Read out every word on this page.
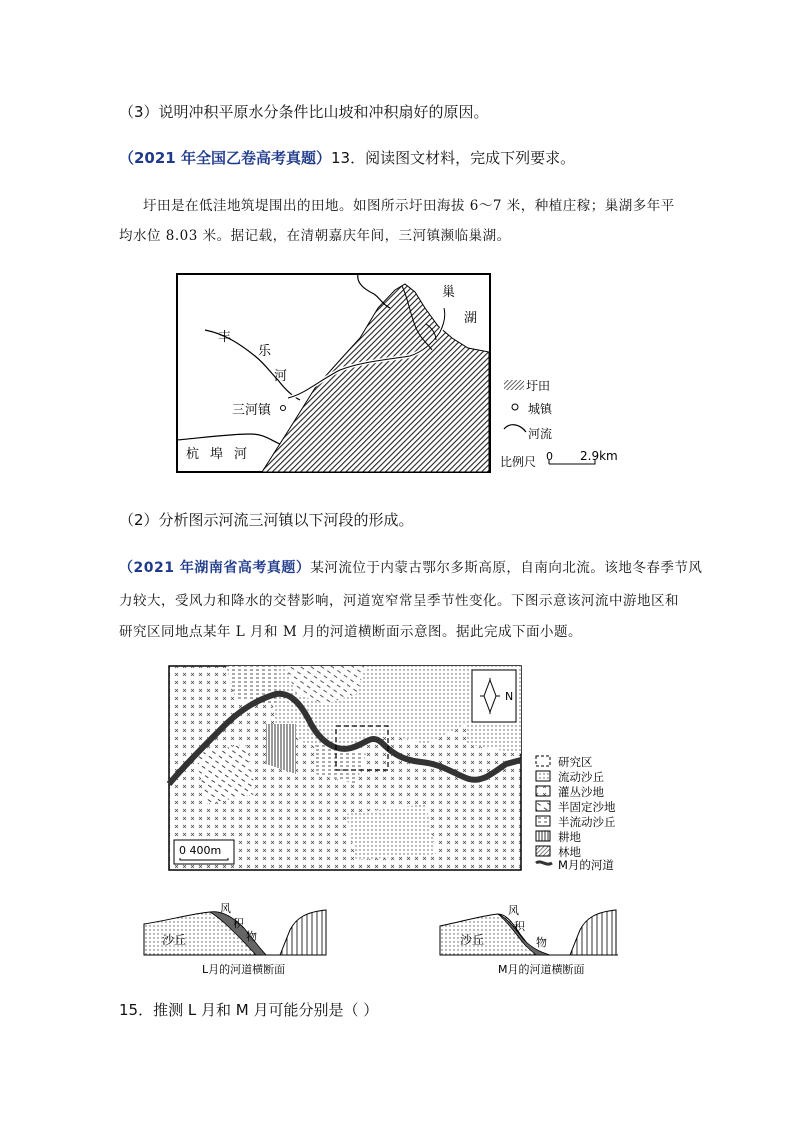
（3）说明冲积平原水分条件比山坡和冲积扇好的原因。
（2021 年全国乙卷高考真题）13．阅读图文材料，完成下列要求。
圩田是在低洼地筑堤围出的田地。如图所示圩田海拔 6～7 米，种植庄稼；巢湖多年平
均水位 8.03 米。据记载，在清朝嘉庆年间，三河镇濒临巢湖。
巢
湖
丰
乐
河
三河镇
杭 埠 河
圩田
城镇
河流
比例尺 0 2.9km
（2）分析图示河流三河镇以下河段的形成。
（2021 年湖南省高考真题）某河流位于内蒙古鄂尔多斯高原，自南向北流。该地冬春季节风
力较大，受风力和降水的交替影响，河道宽窄常呈季节性变化。下图示意该河流中游地区和
研究区同地点某年 L 月和 M 月的河道横断面示意图。据此完成下面小题。
N
0 400m
研究区
流动沙丘
灌丛沙地
半固定沙地
半流动沙丘
耕地
林地
M月的河道
沙丘
风
积
物
L月的河道横断面
沙丘
风
积
物
M月的河道横断面
15．推测 L 月和 M 月可能分别是（ ）
